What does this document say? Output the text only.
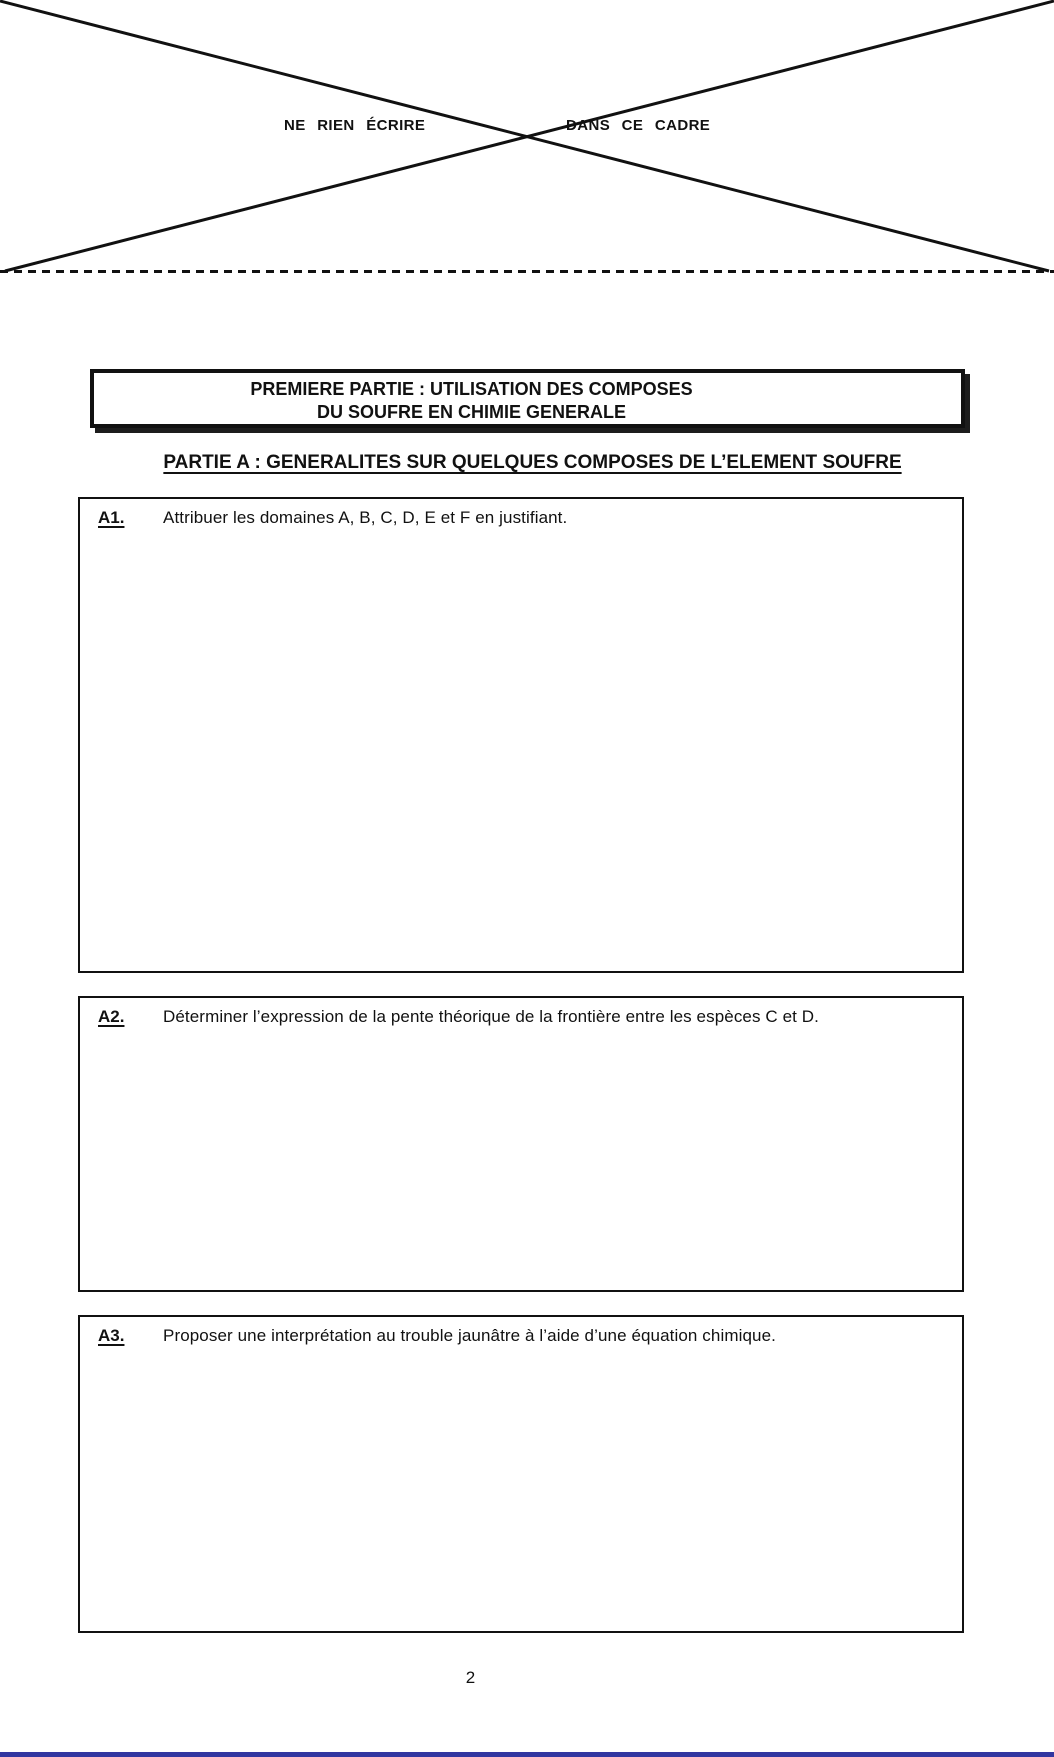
NE RIEN ÉCRIRE	DANS CE CADRE
PREMIERE PARTIE : UTILISATION DES COMPOSES
DU SOUFRE EN CHIMIE GENERALE
PARTIE A : GENERALITES SUR QUELQUES COMPOSES DE L’ELEMENT SOUFRE
A1.	Attribuer les domaines A, B, C, D, E et F en justifiant.
A2.	Déterminer l’expression de la pente théorique de la frontière entre les espèces C et D.
A3.	Proposer une interprétation au trouble jaunâtre à l’aide d’une équation chimique.
2
